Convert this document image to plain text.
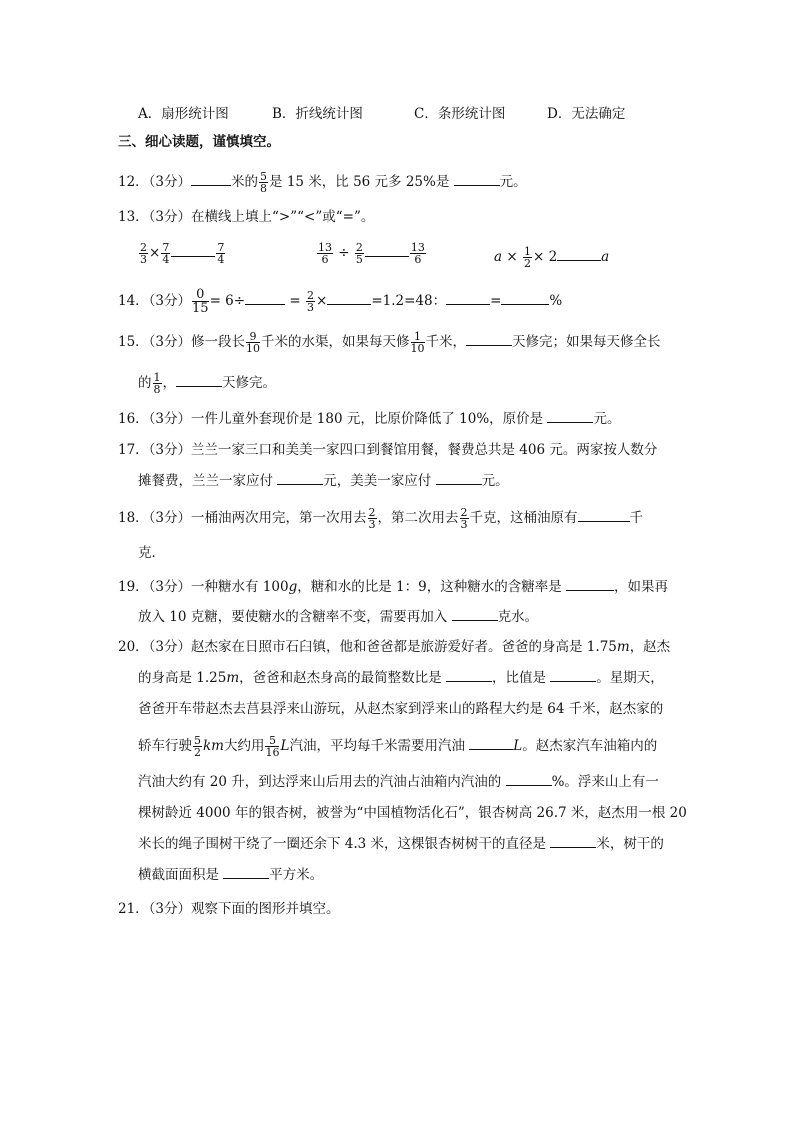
A．扇形统计图	B．折线统计图	C．条形统计图	D．无法确定
三、细心读题，谨慎填空。
12．（3分）	米的 $\frac{5}{8}$ 是 15 米，比 56 元多 25%是	元。
13．（3分）在横线上填上“>”“<”或“=”。
$\frac{2}{3} \times \frac{7}{4}$	$\frac{7}{4}$	$\frac{13}{6} \div \frac{2}{5}$	$\frac{13}{6}$	$a \times \frac{1}{2} \times 2$	a
14．（3分） $\frac{0}{15} = 6\div$	= $\frac{2}{3}$ ×	=1.2=48：	=	%
15．（3分）修一段长 $\frac{9}{10}$ 千米的水渠，如果每天修 $\frac{1}{10}$ 千米，	天修完；如果每天修全长
的 $\frac{1}{8}$ ，	天修完。
16．（3分）一件儿童外套现价是 180 元，比原价降低了 10%，原价是	元。
17．（3分）兰兰一家三口和美美一家四口到餐馆用餐，餐费总共是 406 元。两家按人数分
摊餐费，兰兰一家应付	元，美美一家应付	元。
18．（3分）一桶油两次用完，第一次用去 $\frac{2}{3}$ ，第二次用去 $\frac{2}{3}$ 千克，这桶油原有	千
克．
19．（3分）一种糖水有 100g，糖和水的比是 1：9，这种糖水的含糖率是	，如果再
放入 10 克糖，要使糖水的含糖率不变，需要再加入	克水。
20．（3分）赵杰家在日照市石臼镇，他和爸爸都是旅游爱好者。爸爸的身高是 1.75m，赵杰
的身高是 1.25m，爸爸和赵杰身高的最简整数比是	，比值是	。星期天，
爸爸开车带赵杰去莒县浮来山游玩，从赵杰家到浮来山的路程大约是 64 千米，赵杰家的
轿车行驶 $\frac{5}{2}$ km大约用 $\frac{5}{16}$ L汽油，平均每千米需要用汽油	L。赵杰家汽车油箱内的
汽油大约有 20 升，到达浮来山后用去的汽油占油箱内汽油的	%。浮来山上有一
棵树龄近 4000 年的银杏树，被誉为“中国植物活化石”，银杏树高 26.7 米，赵杰用一根 20
米长的绳子围树干绕了一圈还余下 4.3 米，这棵银杏树树干的直径是	米，树干的
横截面面积是	平方米。
21．（3分）观察下面的图形并填空。
